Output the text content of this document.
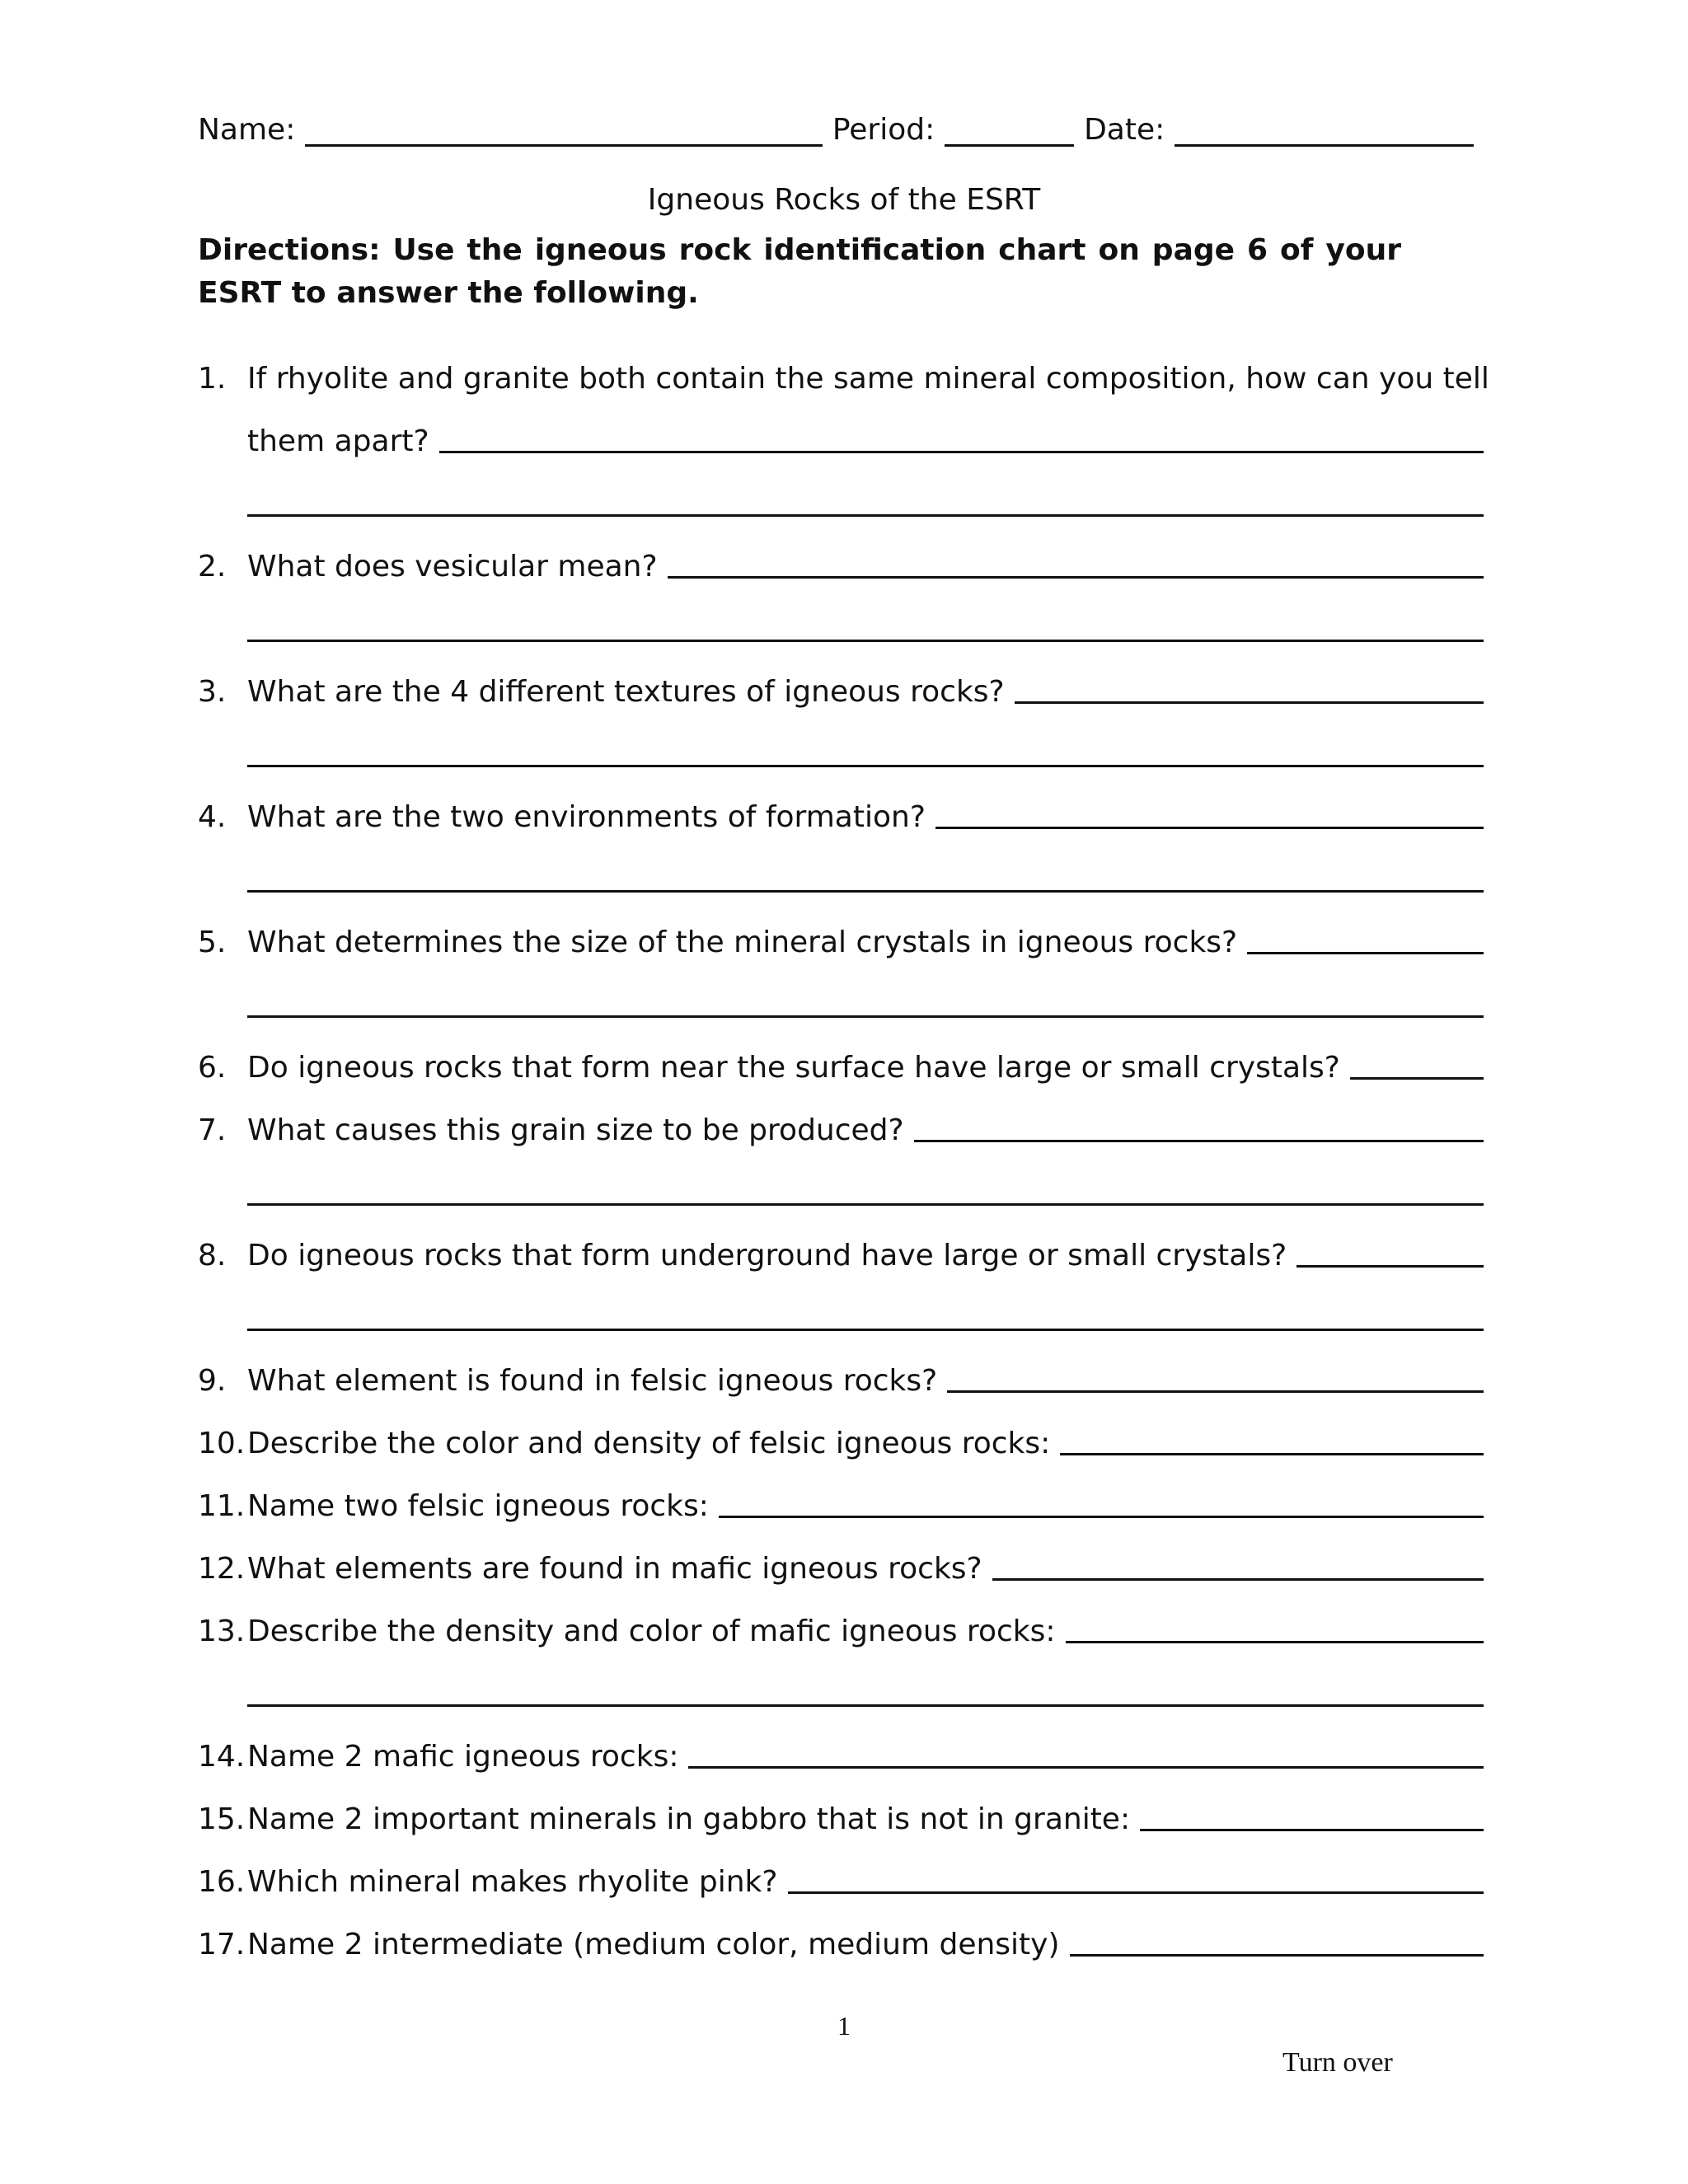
Name:	Period:	Date:
Igneous Rocks of the ESRT
Directions: Use the igneous rock identification chart on page 6 of your ESRT to answer the following.
1. If rhyolite and granite both contain the same mineral composition, how can you tell
them apart?
2. What does vesicular mean?
3. What are the 4 different textures of igneous rocks?
4. What are the two environments of formation?
5. What determines the size of the mineral crystals in igneous rocks?
6. Do igneous rocks that form near the surface have large or small crystals?
7. What causes this grain size to be produced?
8. Do igneous rocks that form underground have large or small crystals?
9. What element is found in felsic igneous rocks?
10. Describe the color and density of felsic igneous rocks:
11. Name two felsic igneous rocks:
12. What elements are found in mafic igneous rocks?
13. Describe the density and color of mafic igneous rocks:
14. Name 2 mafic igneous rocks:
15. Name 2 important minerals in gabbro that is not in granite:
16. Which mineral makes rhyolite pink?
17. Name 2 intermediate (medium color, medium density)
1
Turn over
